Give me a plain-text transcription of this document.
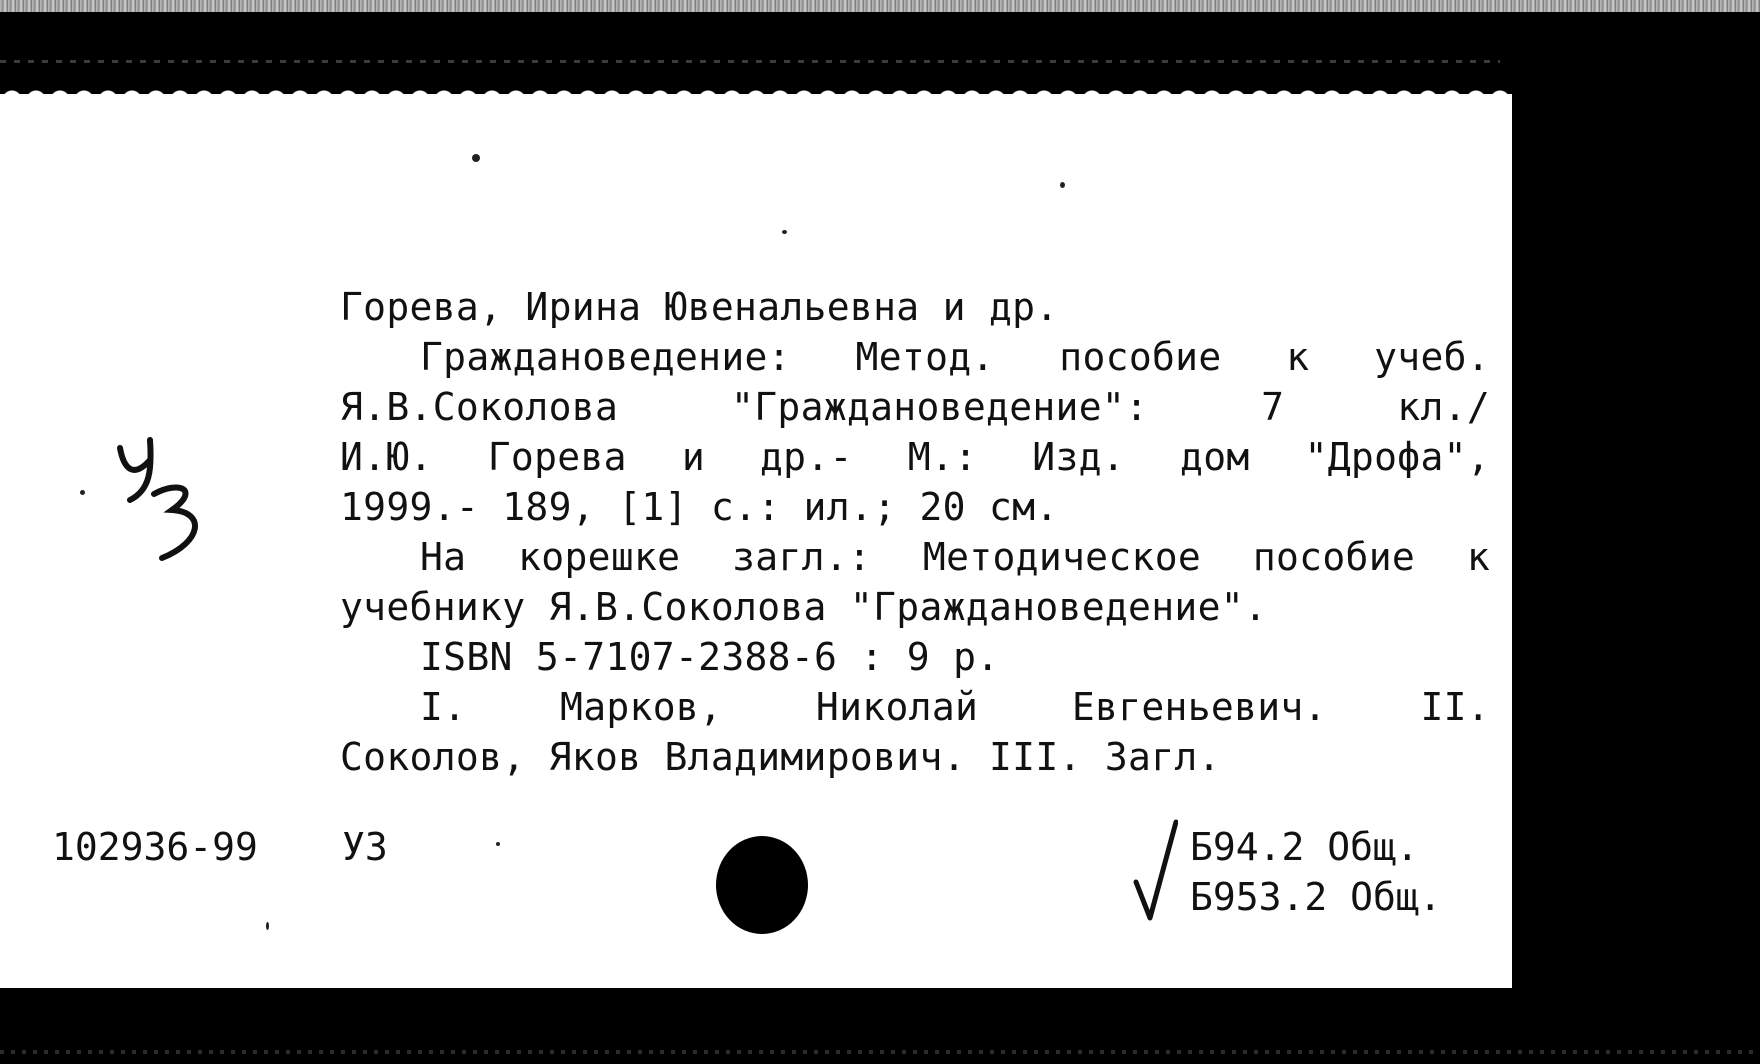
Горева, Ирина Ювенальевна и др.

Граждановедение: Метод. пособие к учеб.

Я.В.Соколова "Граждановедение": 7 кл./

И.Ю. Горева и др.- М.: Изд. дом "Дрофа",

1999.- 189, [1] с.: ил.; 20 см.

На корешке загл.: Методическое пособие к

учебнику Я.В.Соколова "Граждановедение".

ISBN 5-7107-2388-6 : 9 р.

I. Марков, Николай Евгеньевич. II.

Соколов, Яков Владимирович. III. Загл.

102936-99 УЗ	Б94.2 Общ.
Б953.2 Общ.
